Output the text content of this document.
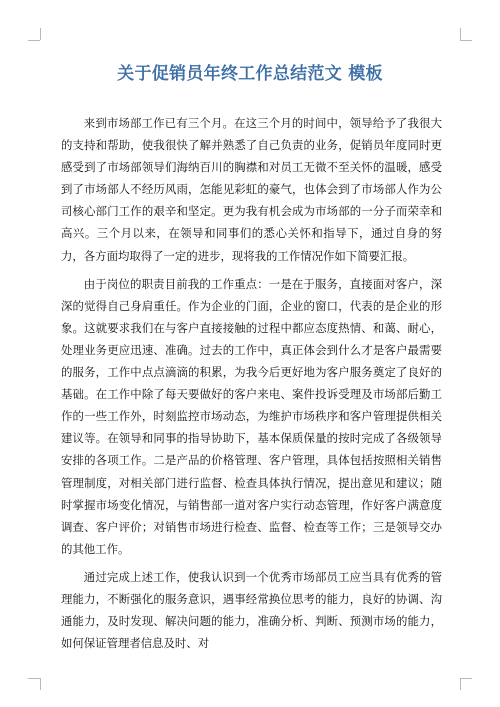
关于促销员年终工作总结范文 模板

来到市场部工作已有三个月。在这三个月的时间中，领导给予了我很大的支持和帮助，使我很快了解并熟悉了自己负责的业务，促销员年度同时更感受到了市场部领导们海纳百川的胸襟和对员工无微不至关怀的温暖，感受到了市场部人不经历风雨，怎能见彩虹的豪气，也体会到了市场部人作为公司核心部门工作的艰辛和坚定。更为我有机会成为市场部的一分子而荣幸和高兴。三个月以来，在领导和同事们的悉心关怀和指导下，通过自身的努力，各方面均取得了一定的进步，现将我的工作情况作如下简要汇报。

由于岗位的职责目前我的工作重点：一是在于服务，直接面对客户，深深的觉得自己身肩重任。作为企业的门面，企业的窗口，代表的是企业的形象。这就要求我们在与客户直接接触的过程中都应态度热情、和蔼、耐心，处理业务更应迅速、准确。过去的工作中，真正体会到什么才是客户最需要的服务，工作中点点滴滴的积累，为我今后更好地为客户服务奠定了良好的基础。在工作中除了每天要做好的客户来电、案件投诉受理及市场部后勤工作的一些工作外，时刻监控市场动态，为维护市场秩序和客户管理提供相关建议等。在领导和同事的指导协助下，基本保质保量的按时完成了各级领导安排的各项工作。二是产品的价格管理、客户管理，具体包括按照相关销售管理制度，对相关部门进行监督、检查具体执行情况，提出意见和建议；随时掌握市场变化情况，与销售部一道对客户实行动态管理，作好客户满意度调查、客户评价；对销售市场进行检查、监督、检查等工作；三是领导交办的其他工作。

通过完成上述工作，使我认识到一个优秀市场部员工应当具有优秀的管理能力，不断强化的服务意识，遇事经常换位思考的能力，良好的协调、沟通能力，及时发现、解决问题的能力，准确分析、判断、预测市场的能力，如何保证管理者信息及时、对
